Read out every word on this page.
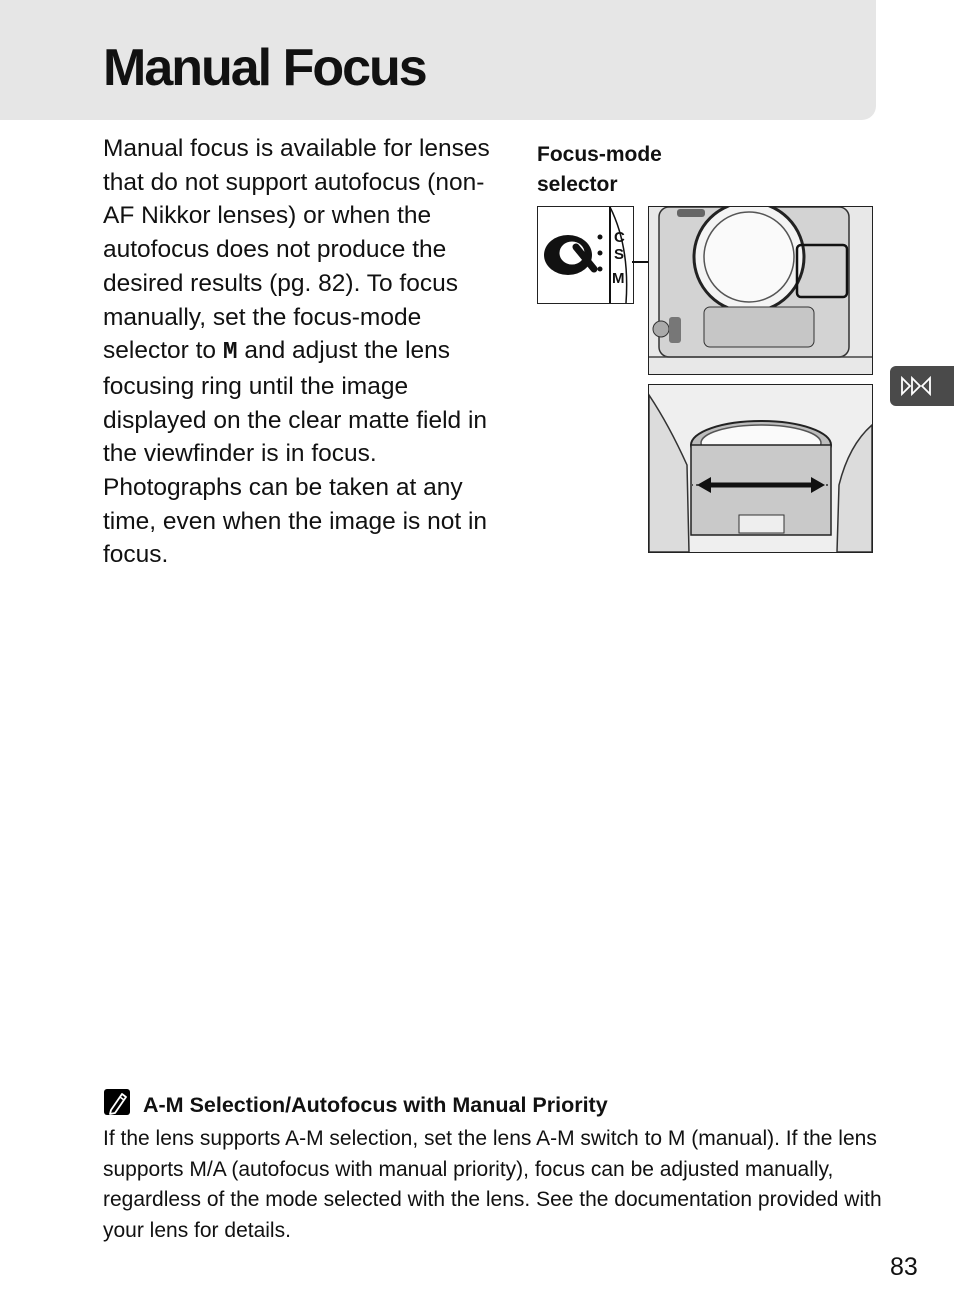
Manual Focus

Manual focus is available for lenses that do not support autofocus (non-AF Nikkor lenses) or when the autofocus does not produce the desired results (pg. 82). To focus manually, set the focus-mode selector to M and adjust the lens focusing ring until the image displayed on the clear matte field in the viewfinder is in focus. Photographs can be taken at any time, even when the image is not in focus.

Focus-mode
selector

C
S
M

A-M Selection/Autofocus with Manual Priority

If the lens supports A-M selection, set the lens A-M switch to M (manual). If the lens supports M/A (autofocus with manual priority), focus can be adjusted manually, regardless of the mode selected with the lens. See the documentation provided with your lens for details.

83
